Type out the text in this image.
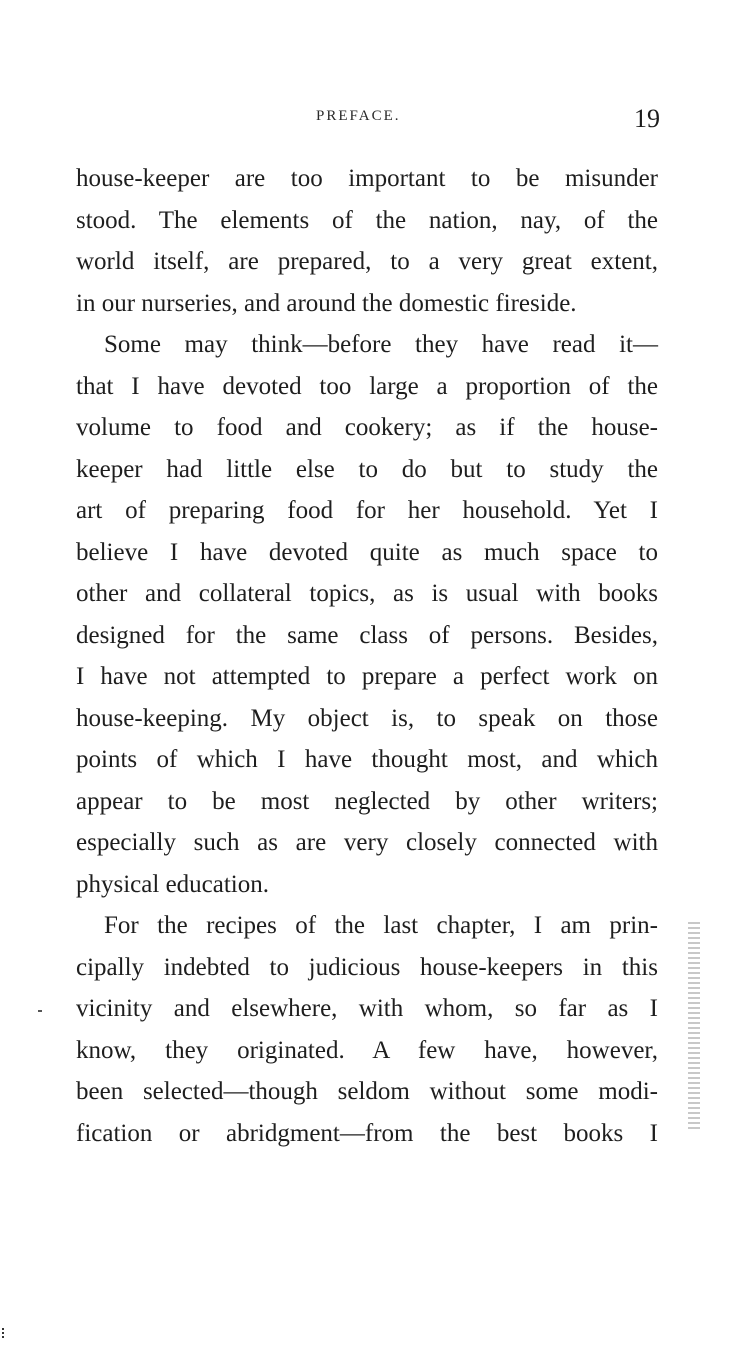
PREFACE.	19
house-keeper are too important to be misunder
stood. The elements of the nation, nay, of the
world itself, are prepared, to a very great extent,
in our nurseries, and around the domestic fireside.
Some may think—before they have read it—
that I have devoted too large a proportion of the
volume to food and cookery; as if the house-
keeper had little else to do but to study the
art of preparing food for her household. Yet I
believe I have devoted quite as much space to
other and collateral topics, as is usual with books
designed for the same class of persons. Besides,
I have not attempted to prepare a perfect work on
house-keeping. My object is, to speak on those
points of which I have thought most, and which
appear to be most neglected by other writers;
especially such as are very closely connected with
physical education.
For the recipes of the last chapter, I am prin-
cipally indebted to judicious house-keepers in this
vicinity and elsewhere, with whom, so far as I
know, they originated. A few have, however,
been selected—though seldom without some modi-
fication or abridgment—from the best books I
